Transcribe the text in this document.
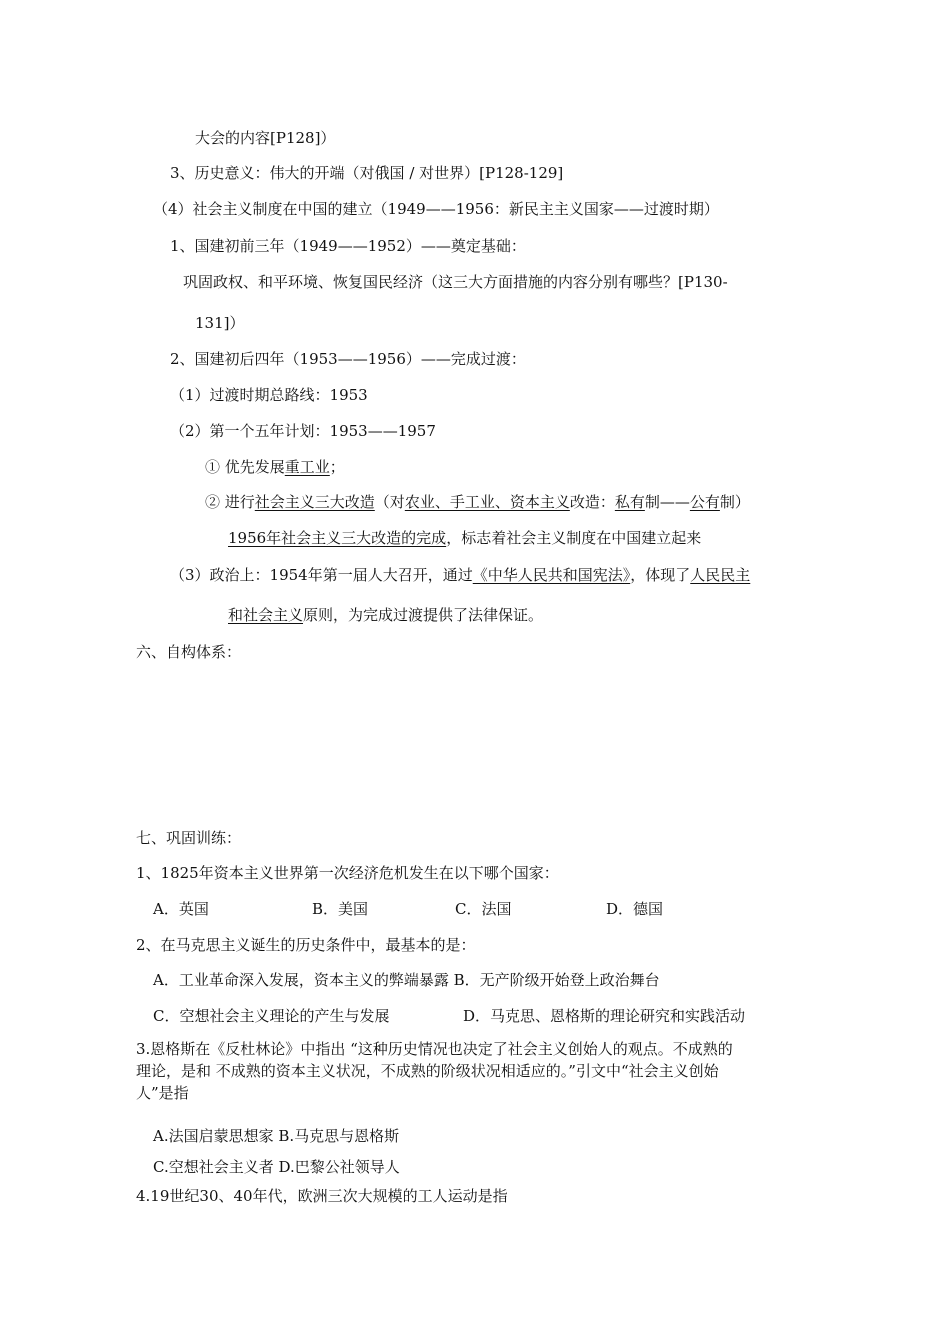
大会的内容[P128]）
3、历史意义：伟大的开端（对俄国 / 对世界）[P128-129]
（4）社会主义制度在中国的建立（1949——1956：新民主主义国家——过渡时期）
1、国建初前三年（1949——1952）——奠定基础：
巩固政权、和平环境、恢复国民经济（这三大方面措施的内容分别有哪些？[P130-
131]）
2、国建初后四年（1953——1956）——完成过渡：
（1）过渡时期总路线：1953
（2）第一个五年计划：1953——1957
① 优先发展重工业；
② 进行社会主义三大改造（对农业、手工业、资本主义改造：私有制——公有制）
1956年社会主义三大改造的完成，标志着社会主义制度在中国建立起来
（3）政治上：1954年第一届人大召开，通过《中华人民共和国宪法》，体现了人民民主
和社会主义原则，为完成过渡提供了法律保证。
六、自构体系：
七、巩固训练：
1、1825年资本主义世界第一次经济危机发生在以下哪个国家：
A．英国	B．美国	C．法国	D．德国
2、在马克思主义诞生的历史条件中，最基本的是：
A．工业革命深入发展，资本主义的弊端暴露 B．无产阶级开始登上政治舞台
C．空想社会主义理论的产生与发展	D．马克思、恩格斯的理论研究和实践活动
3.恩格斯在《反杜林论》中指出 “这种历史情况也决定了社会主义创始人的观点。不成熟的
理论，是和 不成熟的资本主义状况，不成熟的阶级状况相适应的。”引文中“社会主义创始
人”是指
A.法国启蒙思想家 B.马克思与恩格斯
C.空想社会主义者 D.巴黎公社领导人
4.19世纪30、40年代，欧洲三次大规模的工人运动是指
